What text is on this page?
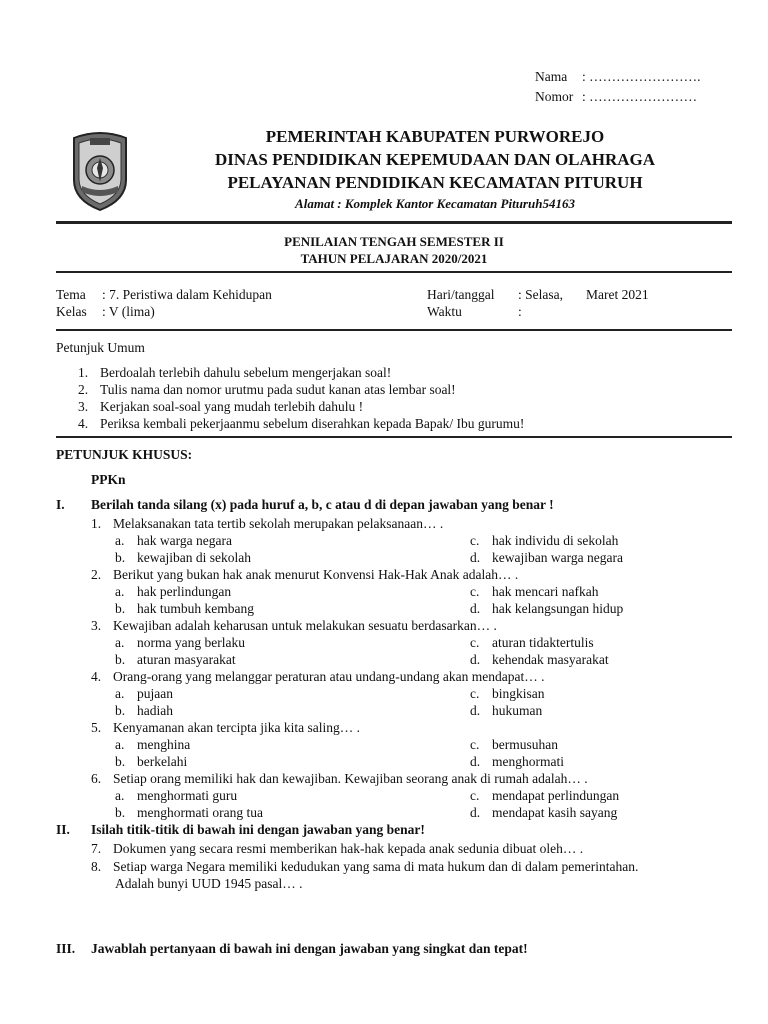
Nama : …………………….
Nomor : ……………………
PEMERINTAH KABUPATEN PURWOREJO
DINAS PENDIDIKAN KEPEMUDAAN DAN OLAHRAGA
PELAYANAN PENDIDIKAN KECAMATAN PITURUH
Alamat : Komplek Kantor Kecamatan Pituruh54163
PENILAIAN TENGAH SEMESTER II
TAHUN PELAJARAN 2020/2021
Tema : 7. Peristiwa dalam Kehidupan
Kelas : V (lima)
Hari/tanggal : Selasa, Maret 2021
Waktu	:
Petunjuk Umum
1. Berdoalah terlebih dahulu sebelum mengerjakan soal!
2. Tulis nama dan nomor urutmu pada sudut kanan atas lembar soal!
3. Kerjakan soal-soal yang mudah terlebih dahulu !
4. Periksa kembali pekerjaanmu sebelum diserahkan kepada Bapak/ Ibu gurumu!
PETUNJUK KHUSUS:
PPKn
I. Berilah tanda silang (x) pada huruf a, b, c atau d di depan jawaban yang benar !
1. Melaksanakan tata tertib sekolah merupakan pelaksanaan… .
a. hak warga negara
b. kewajiban di sekolah
c. hak individu di sekolah
d. kewajiban warga negara
2. Berikut yang bukan hak anak menurut Konvensi Hak-Hak Anak adalah… .
a. hak perlindungan
b. hak tumbuh kembang
c. hak mencari nafkah
d. hak kelangsungan hidup
3. Kewajiban adalah keharusan untuk melakukan sesuatu berdasarkan… .
a. norma yang berlaku
b. aturan masyarakat
c. aturan tidaktertulis
d. kehendak masyarakat
4. Orang-orang yang melanggar peraturan atau undang-undang akan mendapat… .
a. pujaan
b. hadiah
c. bingkisan
d. hukuman
5. Kenyamanan akan tercipta jika kita saling… .
a. menghina
b. berkelahi
c. bermusuhan
d. menghormati
6. Setiap orang memiliki hak dan kewajiban. Kewajiban seorang anak di rumah adalah… .
a. menghormati guru
b. menghormati orang tua
c. mendapat perlindungan
d. mendapat kasih sayang
II. Isilah titik-titik di bawah ini dengan jawaban yang benar!
7. Dokumen yang secara resmi memberikan hak-hak kepada anak sedunia dibuat oleh… .
8. Setiap warga Negara memiliki kedudukan yang sama di mata hukum dan di dalam pemerintahan.
Adalah bunyi UUD 1945 pasal… .
III. Jawablah pertanyaan di bawah ini dengan jawaban yang singkat dan tepat!
